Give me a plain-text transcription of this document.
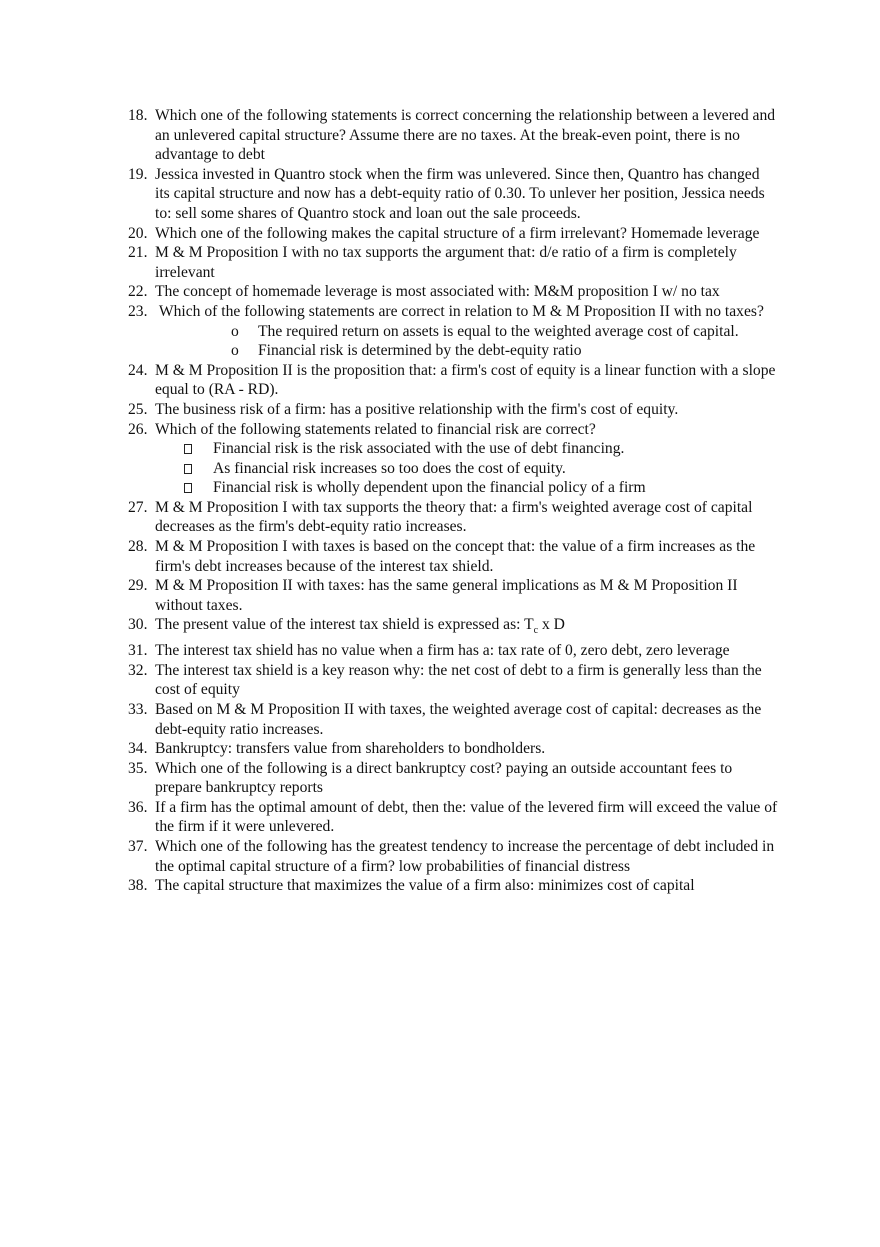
18. Which one of the following statements is correct concerning the relationship between a levered and an unlevered capital structure? Assume there are no taxes. At the break-even point, there is no advantage to debt
19. Jessica invested in Quantro stock when the firm was unlevered. Since then, Quantro has changed its capital structure and now has a debt-equity ratio of 0.30. To unlever her position, Jessica needs to: sell some shares of Quantro stock and loan out the sale proceeds.
20. Which one of the following makes the capital structure of a firm irrelevant? Homemade leverage
21. M & M Proposition I with no tax supports the argument that: d/e ratio of a firm is completely irrelevant
22. The concept of homemade leverage is most associated with: M&M proposition I w/ no tax
23. Which of the following statements are correct in relation to M & M Proposition II with no taxes?
o The required return on assets is equal to the weighted average cost of capital.
o Financial risk is determined by the debt-equity ratio
24. M & M Proposition II is the proposition that: a firm's cost of equity is a linear function with a slope equal to (RA - RD).
25. The business risk of a firm: has a positive relationship with the firm's cost of equity.
26. Which of the following statements related to financial risk are correct?
Financial risk is the risk associated with the use of debt financing.
As financial risk increases so too does the cost of equity.
Financial risk is wholly dependent upon the financial policy of a firm
27. M & M Proposition I with tax supports the theory that: a firm's weighted average cost of capital decreases as the firm's debt-equity ratio increases.
28. M & M Proposition I with taxes is based on the concept that: the value of a firm increases as the firm's debt increases because of the interest tax shield.
29. M & M Proposition II with taxes: has the same general implications as M & M Proposition II without taxes.
30. The present value of the interest tax shield is expressed as: $T_c$ x D
31. The interest tax shield has no value when a firm has a: tax rate of 0, zero debt, zero leverage
32. The interest tax shield is a key reason why: the net cost of debt to a firm is generally less than the cost of equity
33. Based on M & M Proposition II with taxes, the weighted average cost of capital: decreases as the debt-equity ratio increases.
34. Bankruptcy: transfers value from shareholders to bondholders.
35. Which one of the following is a direct bankruptcy cost? paying an outside accountant fees to prepare bankruptcy reports
36. If a firm has the optimal amount of debt, then the: value of the levered firm will exceed the value of the firm if it were unlevered.
37. Which one of the following has the greatest tendency to increase the percentage of debt included in the optimal capital structure of a firm? low probabilities of financial distress
38. The capital structure that maximizes the value of a firm also: minimizes cost of capital
